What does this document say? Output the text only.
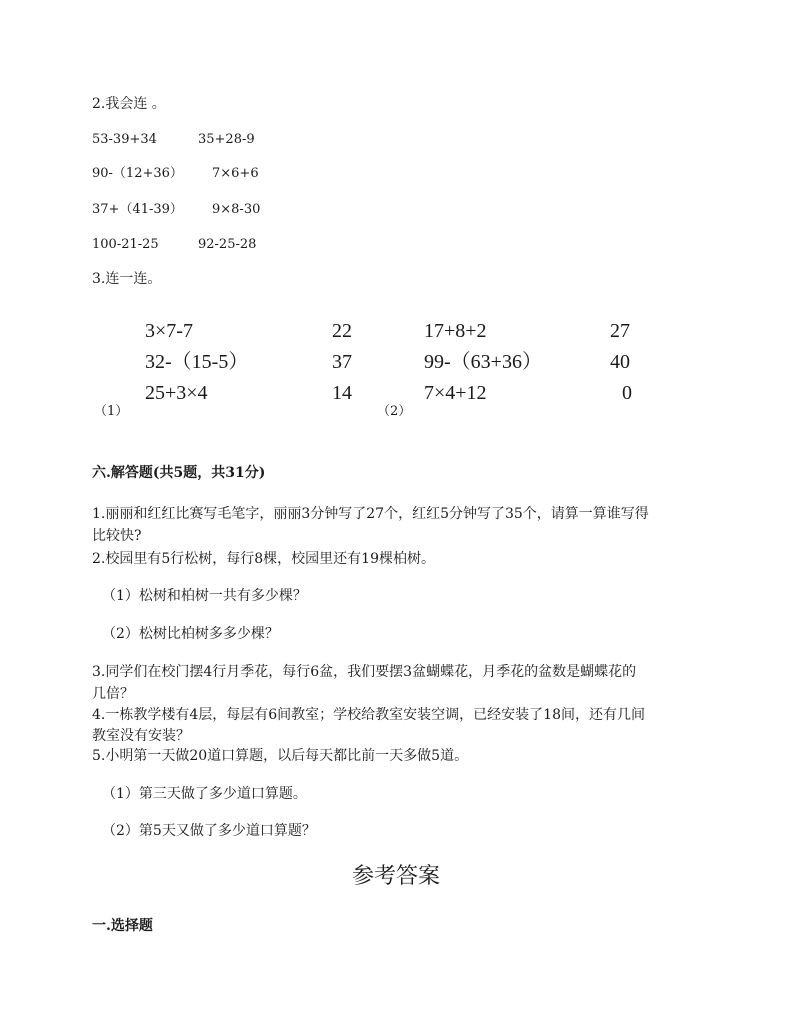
2.我会连 。
53-39+34	35+28-9
90-（12+36） 7×6+6
37+（41-39） 9×8-30
100-21-25	92-25-28
3.连一连。
3×7-7
32-（15-5）
25+3×4
22
37
14
（1）
17+8+2
99-（63+36）
7×4+12
27
40
0
（2）
六.解答题(共5题，共31分)
1.丽丽和红红比赛写毛笔字，丽丽3分钟写了27个，红红5分钟写了35个，请算一算谁写得
比较快?
2.校园里有5行松树，每行8棵，校园里还有19棵柏树。
（1）松树和柏树一共有多少棵？
（2）松树比柏树多多少棵？
3.同学们在校门摆4行月季花，每行6盆，我们要摆3盆蝴蝶花，月季花的盆数是蝴蝶花的
几倍？
4.一栋教学楼有4层，每层有6间教室；学校给教室安装空调，已经安装了18间，还有几间
教室没有安装？
5.小明第一天做20道口算题，以后每天都比前一天多做5道。
（1）第三天做了多少道口算题。
（2）第5天又做了多少道口算题？
参考答案
一.选择题
